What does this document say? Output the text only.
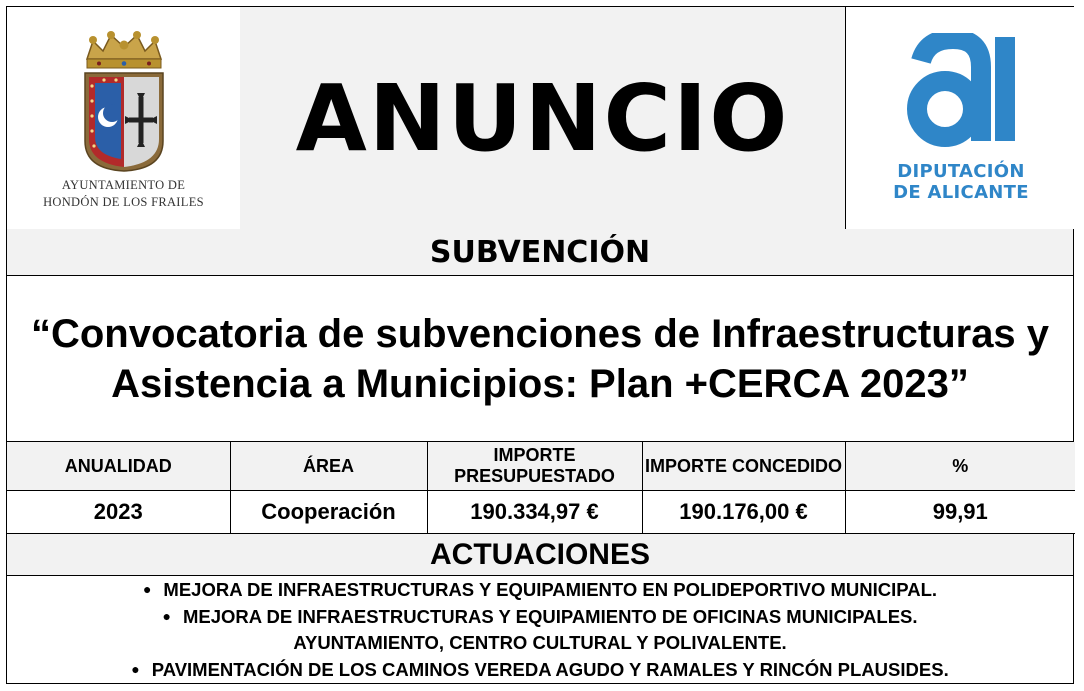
AYUNTAMIENTO DE
HONDÓN DE LOS FRAILES
ANUNCIO	DIPUTACIÓN
DE ALICANTE
SUBVENCIÓN
“Convocatoria de subvenciones de Infraestructuras y Asistencia a Municipios: Plan +CERCA 2023”
ANUALIDAD	ÁREA	IMPORTE PRESUPUESTADO	IMPORTE CONCEDIDO	%
2023	Cooperación	190.334,97 €	190.176,00 €	99,91
ACTUACIONES
● MEJORA DE INFRAESTRUCTURAS Y EQUIPAMIENTO EN POLIDEPORTIVO MUNICIPAL.
● MEJORA DE INFRAESTRUCTURAS Y EQUIPAMIENTO DE OFICINAS MUNICIPALES.
AYUNTAMIENTO, CENTRO CULTURAL Y POLIVALENTE.
● PAVIMENTACIÓN DE LOS CAMINOS VEREDA AGUDO Y RAMALES Y RINCÓN PLAUSIDES.
